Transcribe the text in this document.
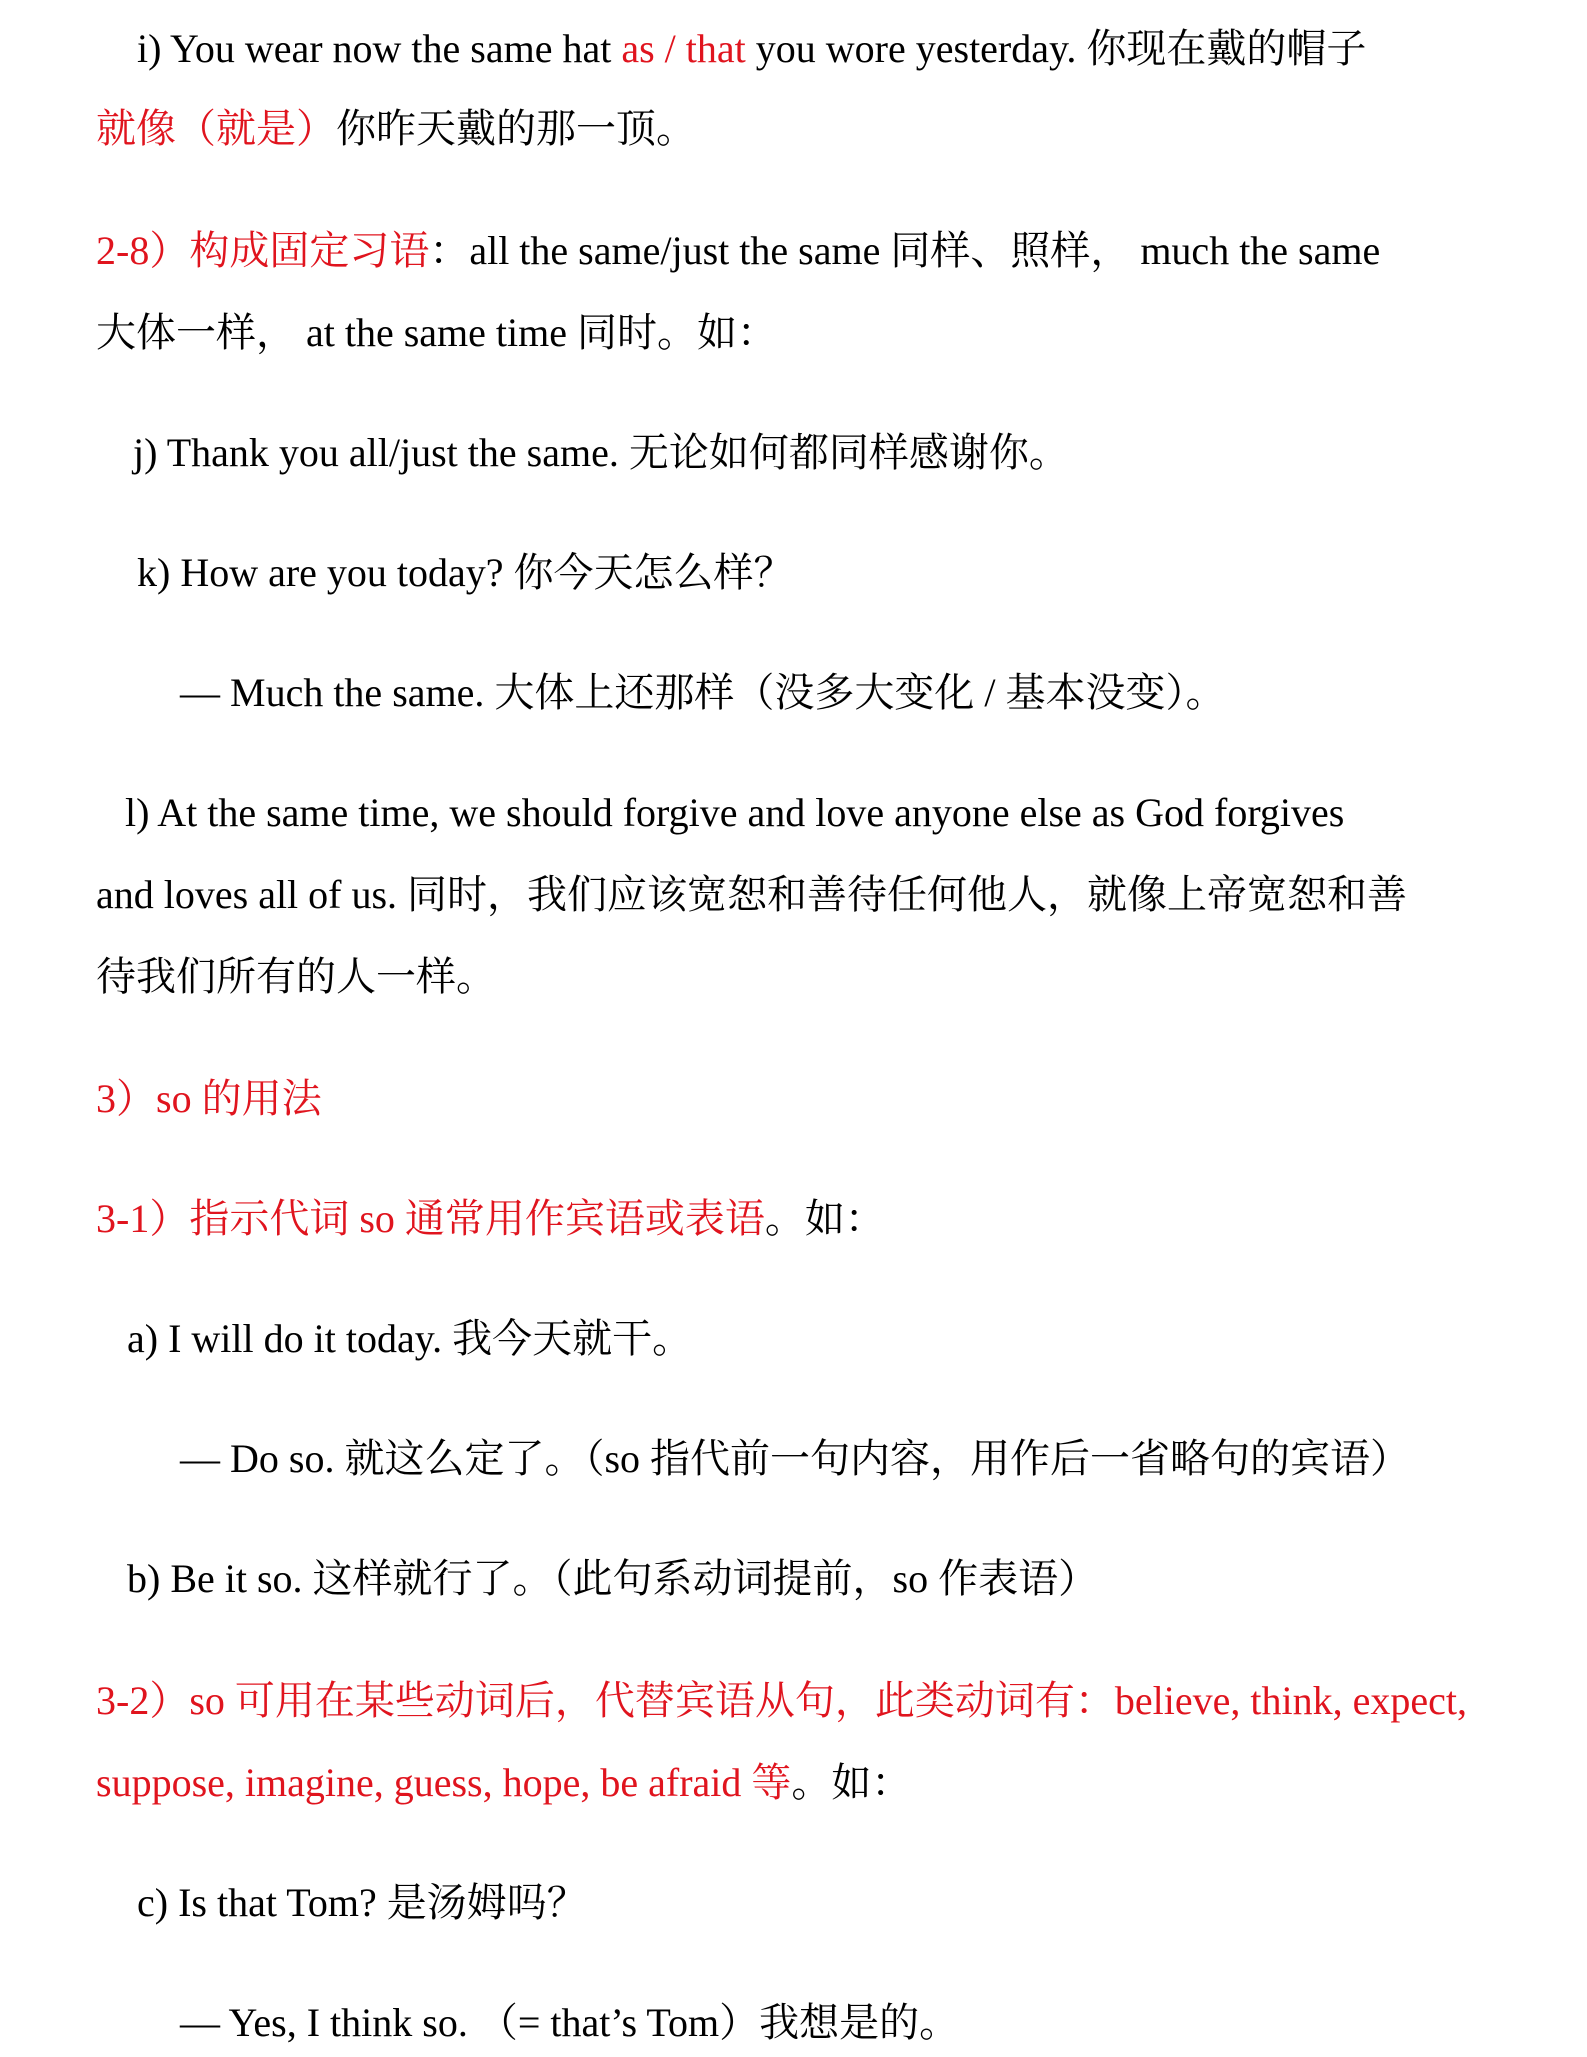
i) You wear now the same hat as / that you wore yesterday. 你现在戴的帽子
就像（就是）你昨天戴的那一顶。
2-8）构成固定习语：all the same/just the same 同样、照样， much the same
大体一样， at the same time 同时。如：
j) Thank you all/just the same. 无论如何都同样感谢你。
k) How are you today? 你今天怎么样？
— Much the same. 大体上还那样（没多大变化 / 基本没变）。
l) At the same time, we should forgive and love anyone else as God forgives
and loves all of us. 同时，我们应该宽恕和善待任何他人，就像上帝宽恕和善
待我们所有的人一样。
3）so 的用法
3-1）指示代词 so 通常用作宾语或表语。如：
a) I will do it today. 我今天就干。
— Do so. 就这么定了。（so 指代前一句内容，用作后一省略句的宾语）
b) Be it so. 这样就行了。（此句系动词提前，so 作表语）
3-2）so 可用在某些动词后，代替宾语从句，此类动词有：believe, think, expect,
suppose, imagine, guess, hope, be afraid 等。如：
c) Is that Tom? 是汤姆吗？
— Yes, I think so. （= that’s Tom）我想是的。
